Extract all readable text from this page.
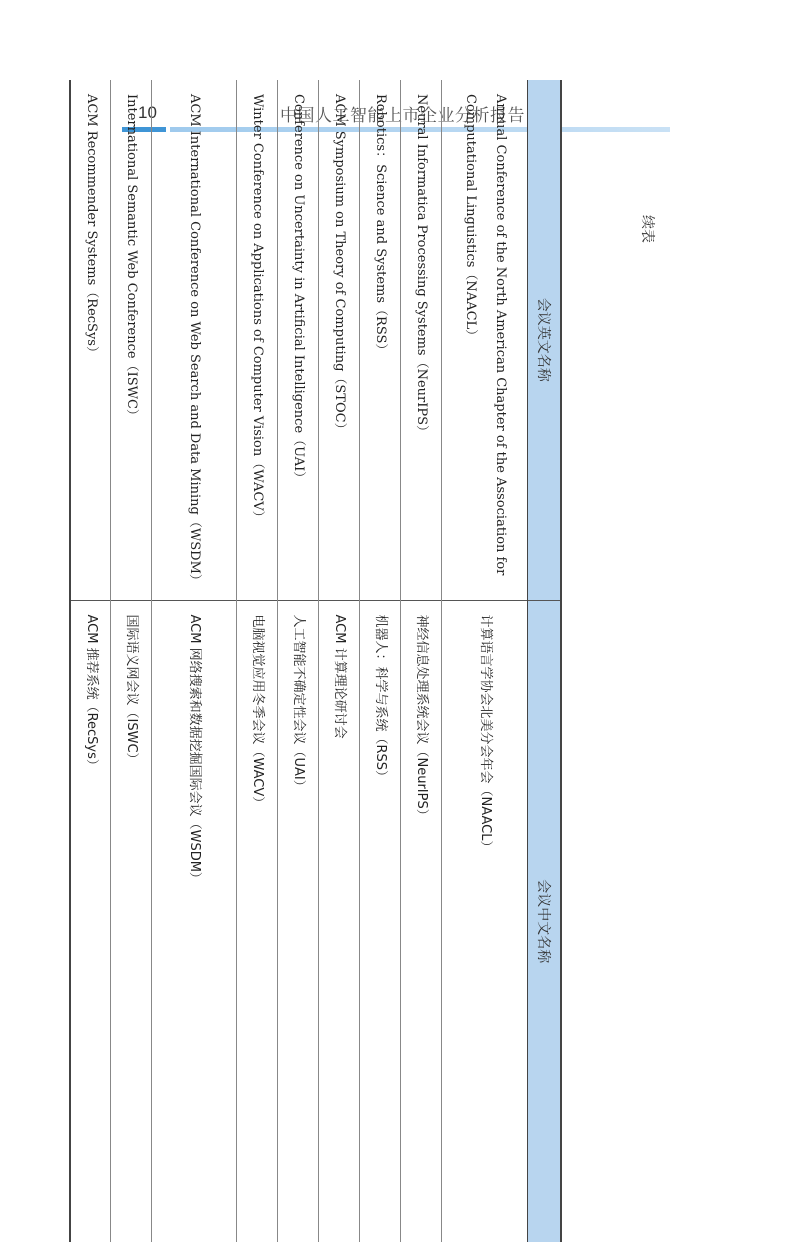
10	中国人工智能上市企业分析报告
续表
会议英文名称	会议中文名称
Annual Conference of the North American Chapter of the Association for Computational Linguistics（NAACL）	计算语言学协会北美分会年会（NAACL）
Neural Informatica Processing Systems（NeurIPS）	神经信息处理系统会议（NeurIPS）
Robotics：Science and Systems（RSS）	机器人：科学与系统（RSS）
ACM Symposium on Theory of Computing（STOC）	ACM 计算理论研讨会
Conference on Uncertainty in Artificial Intelligence（UAI）	人工智能不确定性会议（UAI）
Winter Conference on Applications of Computer Vision（WACV）	电脑视觉应用冬季会议（WACV）
ACM International Conference on Web Search and Data Mining（WSDM）	ACM 网络搜索和数据挖掘国际会议（WSDM）
International Semantic Web Conference（ISWC）	国际语义网会议（ISWC）
ACM Recommender Systems（RecSys）	ACM 推荐系统（RecSys）
